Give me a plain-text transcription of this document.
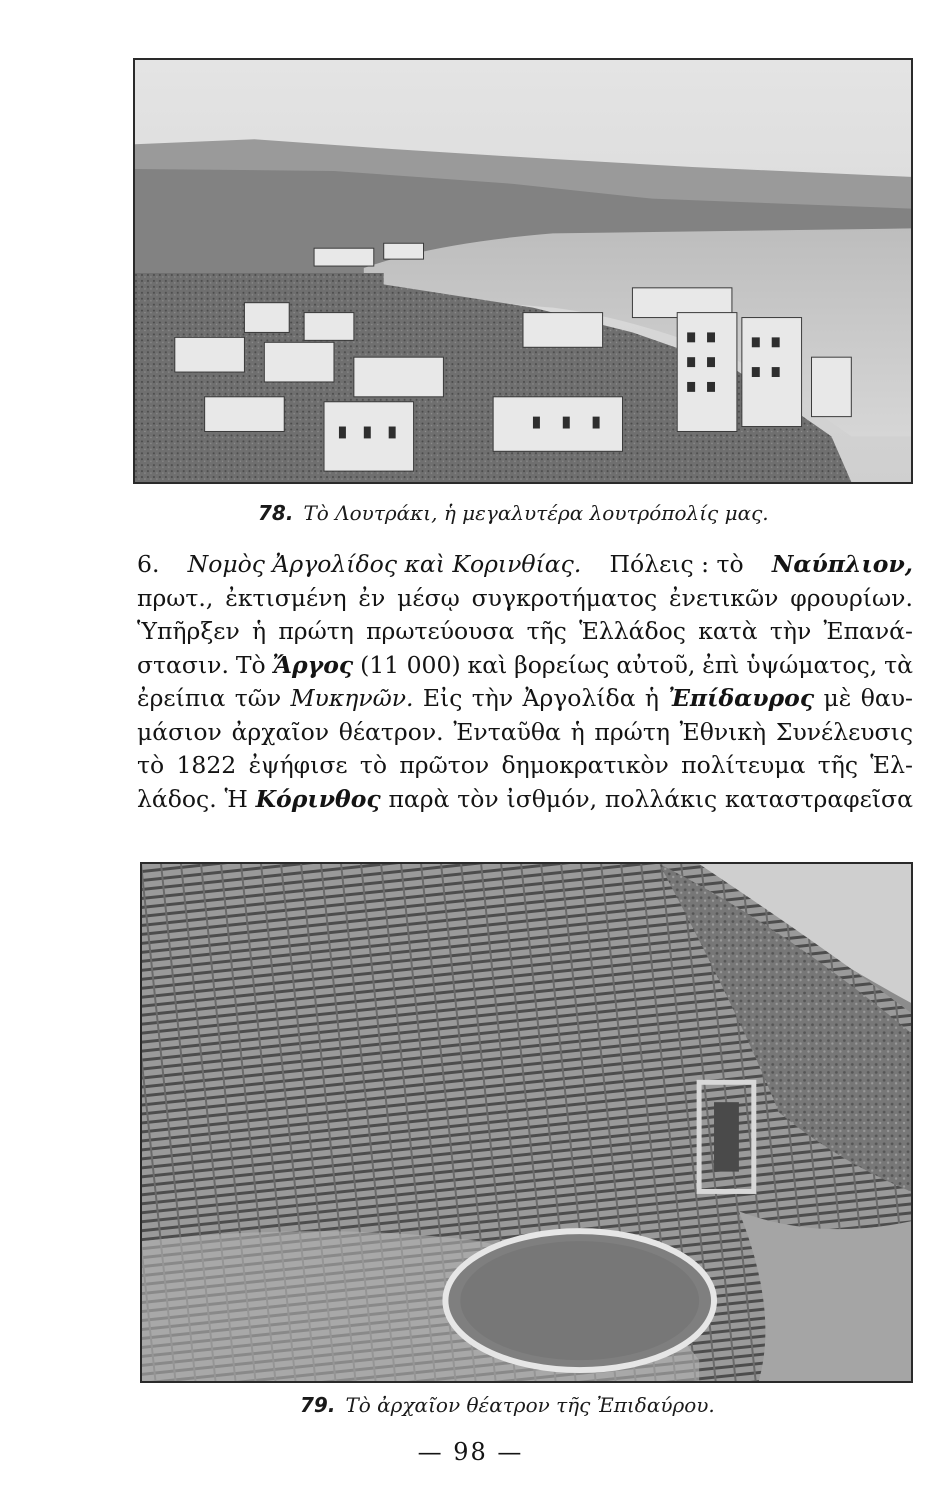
78. Τὸ Λουτράκι, ἡ μεγαλυτέρα λουτρόπολίς μας.
6. Νομὸς Ἀργολίδος καὶ Κορινθίας. Πόλεις : τὸ Ναύπλιον,
πρωτ., ἐκτισμένη ἐν μέσῳ συγκροτήματος ἐνετικῶν φρουρίων.
Ὑπῆρξεν ἡ πρώτη πρωτεύουσα τῆς Ἑλλάδος κατὰ τὴν Ἐπανά-
στασιν. Τὸ Ἄργος (11 000) καὶ βορείως αὐτοῦ, ἐπὶ ὑψώματος, τὰ
ἐρείπια τῶν Μυκηνῶν. Εἰς τὴν Ἀργολίδα ἡ Ἐπίδαυρος μὲ θαυ-
μάσιον ἀρχαῖον θέατρον. Ἐνταῦθα ἡ πρώτη Ἐθνικὴ Συνέλευσις
τὸ 1822 ἐψήφισε τὸ πρῶτον δημοκρατικὸν πολίτευμα τῆς Ἑλ-
λάδος. Ἡ Κόρινθος παρὰ τὸν ἰσθμόν, πολλάκις καταστραφεῖσα
79. Τὸ ἀρχαῖον θέατρον τῆς Ἐπιδαύρου.
— 98 —
